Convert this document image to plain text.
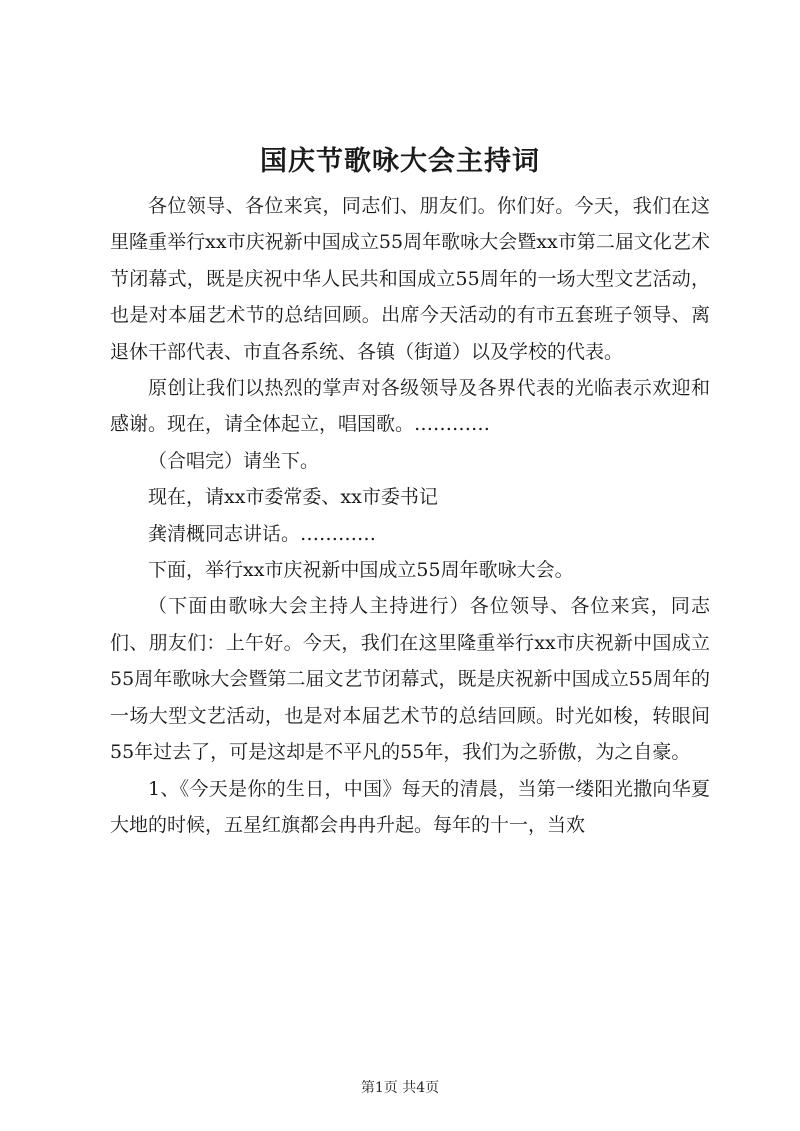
国庆节歌咏大会主持词

各位领导、各位来宾，同志们、朋友们。你们好。今天，我们在这里隆重举行xx市庆祝新中国成立55周年歌咏大会暨xx市第二届文化艺术节闭幕式，既是庆祝中华人民共和国成立55周年的一场大型文艺活动，也是对本届艺术节的总结回顾。出席今天活动的有市五套班子领导、离退休干部代表、市直各系统、各镇（街道）以及学校的代表。

原创让我们以热烈的掌声对各级领导及各界代表的光临表示欢迎和感谢。现在，请全体起立，唱国歌。…………

（合唱完）请坐下。

现在，请xx市委常委、xx市委书记

龚清概同志讲话。…………

下面，举行xx市庆祝新中国成立55周年歌咏大会。

（下面由歌咏大会主持人主持进行）各位领导、各位来宾，同志们、朋友们：上午好。今天，我们在这里隆重举行xx市庆祝新中国成立55周年歌咏大会暨第二届文艺节闭幕式，既是庆祝新中国成立55周年的一场大型文艺活动，也是对本届艺术节的总结回顾。时光如梭，转眼间55年过去了，可是这却是不平凡的55年，我们为之骄傲，为之自豪。

1、《今天是你的生日，中国》每天的清晨，当第一缕阳光撒向华夏大地的时候，五星红旗都会冉冉升起。每年的十一，当欢

第1页 共4页
